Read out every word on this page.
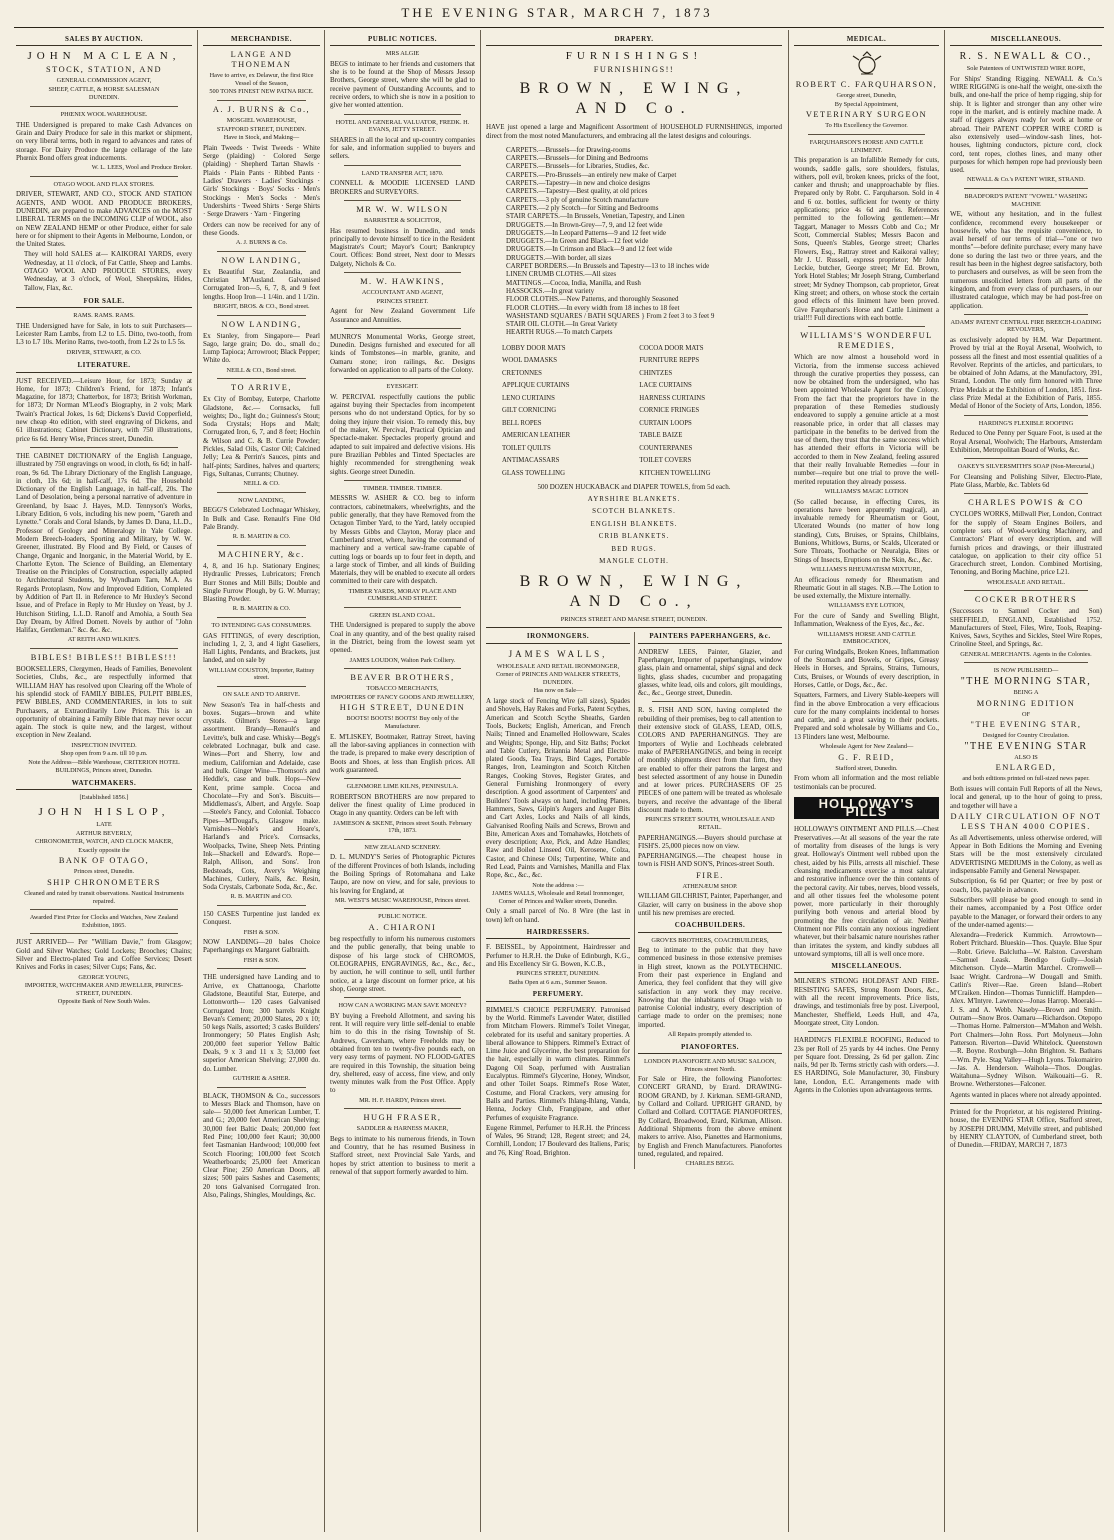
THE EVENING STAR, MARCH 7, 1873
SALES BY AUCTION.
JOHN MACLEAN,
STOCK, STATION, AND
GENERAL COMMISSION AGENT,
SHEEP, CATTLE, & HORSE SALESMAN
DUNEDIN.
PHŒNIX WOOL WAREHOUSE.
THE Undersigned is prepared to make Cash Advances on Grain and Dairy Produce for sale in this market or shipment, on very liberal terms, both in regard to advances and rates of storage. For Dairy Produce the large cellarage of the late Phœnix Bond offers great inducements.
W. L. LEES, Wool and Produce Broker.
OTAGO WOOL AND FLAX STORES.
DRIVER, STEWART, AND CO., STOCK AND STATION AGENTS, AND WOOL AND PRODUCE BROKERS, DUNEDIN, are prepared to make ADVANCES on the MOST LIBERAL TERMS on the INCOMING CLIP of WOOL, also on NEW ZEALAND HEMP or other Produce, either for sale here or for shipment to their Agents in Melbourne, London, or the United States.
They will hold SALES at— KAIKORAI YARDS, every Wednesday, at 11 o'clock, of Fat Cattle, Sheep and Lambs. OTAGO WOOL AND PRODUCE STORES, every Wednesday, at 3 o'clock, of Wool, Sheepskins, Hides, Tallow, Flax, &c.
FOR SALE.
RAMS. RAMS. RAMS.
THE Undersigned have for Sale, in lots to suit Purchasers— Leicester Ram Lambs, from L2 to L5. Ditto, two-tooth, from L3 to L7 10s. Merino Rams, two-tooth, from L2 2s to L5 5s.
DRIVER, STEWART, & CO.
LITERATURE.
JUST RECEIVED.—Leisure Hour, for 1873; Sunday at Home, for 1873; Children's Friend, for 1873; Infant's Magazine, for 1873; Chatterbox, for 1873; British Workman, for 1873; Dr Norman M'Leod's Biography, in 2 vols; Mark Twain's Practical Jokes, 1s 6d; Dickens's David Copperfield, new cheap 4to edition, with steel engraving of Dickens, and 61 illustrations; Cabinet Dictionary, with 750 illustrations, price 6s 6d. Henry Wise, Princes street, Dunedin.
THE CABINET DICTIONARY of the English Language, illustrated by 750 engravings on wood, in cloth, 6s 6d; in half-roan, 9s 6d. The Library Dictionary of the English Language, in cloth, 13s 6d; in half-calf, 17s 6d. The Household Dictionary of the English Language, in half-calf, 20s. The Land of Desolation, being a personal narrative of adventure in Greenland, by Isaac J. Hayes, M.D. Tennyson's Works, Library Edition, 6 vols, including his new poem, "Gareth and Lynette." Corals and Coral Islands, by James D. Dana, LL.D., Professor of Geology and Mineralogy in Yale College. Modern Breech-loaders, Sporting and Military, by W. W. Greener, illustrated. By Flood and By Field, or Causes of Change, Organic and Inorganic, in the Material World, by E. Charlotte Eyton. The Science of Building, an Elementary Treatise on the Principles of Construction, especially adapted to Architectural Students, by Wyndham Tarn, M.A. As Regards Protoplasm, Now and Improved Edition, Completed by Addition of Part II. in Reference to Mr Huxley's Second Issue, and of Preface in Reply to Mr Huxley on Yeast, by J. Hutchison Stirling, L.L.D. Ranolf and Amohia, a South Sea Day Dream, by Alfred Domett. Novels by author of "John Halifax, Gentleman." &c. &c. &c.
AT REITH AND WILKIE'S.
BIBLES! BIBLES!! BIBLES!!!
BOOKSELLERS, Clergymen, Heads of Families, Benevolent Societies, Clubs, &c., are respectfully informed that WILLIAM HAY has resolved upon Clearing off the Whole of his splendid stock of FAMILY BIBLES, PULPIT BIBLES, PEW BIBLES, AND COMMENTARIES, in lots to suit Purchasers, at Extraordinarily Low Prices. This is an opportunity of obtaining a Family Bible that may never occur again. The stock is quite new, and the largest, without exception in New Zealand.
INSPECTION INVITED.
Shop open from 9 a.m. till 10 p.m.
Note the Address—Bible Warehouse, CRITERION HOTEL BUILDINGS, Princes street, Dunedin.
WATCHMAKERS.
[Established 1856.]
JOHN HISLOP,
LATE
ARTHUR BEVERLY,
CHRONOMETER, WATCH, AND CLOCK MAKER,
Exactly opposite the
BANK OF OTAGO,
Princes street, Dunedin.
SHIP CHRONOMETERS
Cleaned and rated by transit observations. Nautical Instruments repaired.
Awarded First Prize for Clocks and Watches, New Zealand Exhibition, 1865.
JUST ARRIVED— Per "William Davie," from Glasgow; Gold and Silver Watches; Gold Lockets; Brooches; Chains; Silver and Electro-plated Tea and Coffee Services; Desert Knives and Forks in cases; Silver Cups; Fans, &c.
GEORGE YOUNG,
IMPORTER, WATCHMAKER AND JEWELLER, PRINCES-STREET, DUNEDIN.
Opposite Bank of New South Wales.
MERCHANDISE.
LANGE AND THONEMAN
Have to arrive, ex Delawur, the first Rice Vessel of the Season,
500 TONS FINEST NEW PATNA RICE.
A. J. BURNS & Co.,
MOSGIEL WAREHOUSE,
STAFFORD STREET, DUNEDIN.
Have in Stock, and Making—
Plain Tweeds · Twist Tweeds · White Serge (plaiding) · Colored Serge (plaiding) · Shepherd Tartan Shawls · Plaids · Plain Pants · Ribbed Pants · Ladies' Drawers · Ladies' Stockings · Girls' Stockings · Boys' Socks · Men's Stockings · Men's Socks · Men's Undershirts · Tweed Shirts · Serge Shirts · Serge Drawers · Yarn · Fingering
Orders can now be received for any of these Goods.
A. J. BURNS & Co.
NOW LANDING,
Ex Beautiful Star, Zealandia, and Christian M'Ausland. Galvanised Corrugated Iron—5, 6, 7, 8, and 9 feet lengths. Hoop Iron—1 1/4in. and 1 1/2in.
BRIGHT, BROS. & CO., Bond street.
NOW LANDING,
Ex Stanley, from Singapore— Pearl Sago, large grain; Do. do., small do.; Lump Tapioca; Arrowroot; Black Pepper; White do.
NEILL & CO., Bond street.
TO ARRIVE,
Ex City of Bombay, Euterpe, Charlotte Gladstone, &c.— Cornsacks, full weights; Do., light do.; Guinness's Stout; Soda Crystals; Hops and Malt; Corrugated Iron, 6, 7, and 8 feet; Hochin & Wilson and C. & B. Currie Powder; Pickles, Salad Oils, Castor Oil; Calcined Jelly; Lea & Perrin's Sauces, pints and half-pints; Sardines, halves and quarters; Figs, Sultanas, Currants; Chutney.
NEILL & CO.
NOW LANDING,
BEGG'S Celebrated Lochnagar Whiskey, In Bulk and Case. Renault's Fine Old Pale Brandy.
R. B. MARTIN & CO.
MACHINERY, &c.
4, 8, and 16 h.p. Stationary Engines; Hydraulic Presses, Lubricators; French Burr Stones and Mill Bills; Double and Single Furrow Plough, by G. W. Murray; Blasting Powder.
R. B. MARTIN & CO.
TO INTENDING GAS CONSUMERS.
GAS FITTINGS, of every description, including 1, 2, 3, and 4 light Gaseliers, Hall Lights, Pendants, and Brackets, just landed, and on sale by
WILLIAM COUSTON, Importer, Rattray street.
ON SALE AND TO ARRIVE.
New Season's Tea in half-chests and boxes. Sugars—brown and white crystals. Oilmen's Stores—a large assortment. Brandy—Renault's and Levitte's, bulk and case. Whisky—Begg's celebrated Lochnagar, bulk and case. Wines—Port and Sherry, low and medium, Californian and Adelaide, case and bulk. Ginger Wine—Thomson's and Heddle's, case and bulk. Hops—New Kent, prime sample. Cocoa and Chocolate—Fry and Son's. Biscuits—Middlemass's, Albert, and Argyle. Soap—Steele's Fancy, and Colonial. Tobacco Pipes—M'Dougal's, Glasgow make. Varnishes—Noble's and Hoare's, Harland's and Price's. Cornsacks, Woolpacks, Twine, Sheep Nets. Printing Ink—Shackell and Edward's. Rope—Ralph, Allison, and Sons'. Iron Bedsteads, Cots, Avery's Weighing Machines, Cutlery, Nails, &c. Resin, Soda Crystals, Carbonate Soda, &c., &c.
R. B. MARTIN and CO.
150 CASES Turpentine just landed ex Conquest.
FISH & SON.
NOW LANDING—20 bales Choice Paperhangings ex Margaret Galbraith.
FISH & SON.
THE undersigned have Landing and to Arrive, ex Chattanooga, Charlotte Gladstone, Beautiful Star, Euterpe, and Lottonworth— 120 cases Galvanised Corrugated Iron; 300 barrels Knight Bevan's Cement; 20,000 Slates, 20 x 10; 50 kegs Nails, assorted; 3 casks Builders' Ironmongery; 50 Plates English Ash; 200,000 feet superior Yellow Baltic Deals, 9 x 3 and 11 x 3; 53,000 feet superior American Shelving; 27,000 do. do. Lumber.
GUTHRIE & ASHER.
BLACK, THOMSON & Co., successors to Messrs Black and Thomson, have on sale— 50,000 feet American Lumber, T. and G.; 20,000 feet American Shelving; 30,000 feet Baltic Deals; 200,000 feet Red Pine; 100,000 feet Kauri; 30,000 feet Tasmanian Hardwood; 100,000 feet Scotch Flooring; 100,000 feet Scotch Weatherboards; 25,000 feet American Clear Pine; 250 American Doors, all sizes; 500 pairs Sashes and Casements; 20 tons Galvanised Corrugated Iron. Also, Palings, Shingles, Mouldings, &c.
PUBLIC NOTICES.
MRS ALGIE
BEGS to intimate to her friends and customers that she is to be found at the Shop of Messrs Jessop Brothers, George street, where she will be glad to receive payment of Outstanding Accounts, and to receive orders, to which she is now in a position to give her wonted attention.
HOTEL AND GENERAL VALUATOR, FREDK. H. EVANS, JETTY STREET.
SHARES in all the local and up-country companies for sale, and information supplied to buyers and sellers.
LAND TRANSFER ACT, 1870.
CONNELL & MOODIE LICENSED LAND BROKERS and SURVEYORS.
MR W. W. WILSON
BARRISTER & SOLICITOR,
Has resumed business in Dunedin, and tends principally to devote himself to tice in the Resident Magistrate's Court; Mayor's Court; Bankruptcy Court. Offices: Bond street, Next door to Messrs Dalgety, Nichols & Co.
M. W. HAWKINS,
ACCOUNTANT AND AGENT,
PRINCES STREET.
Agent for New Zealand Government Life Assurance and Annuities.
MUNRO'S Monumental Works, George street, Dunedin. Designs furnished and executed for all kinds of Tombstones—in marble, granite, and Oamaru stone; iron railings, &c. Designs forwarded on application to all parts of the Colony.
EYESIGHT.
W. PERCIVAL respectfully cautions the public against buying their Spectacles from incompetent persons who do not understand Optics, for by so doing they injure their vision. To remedy this, buy of the maker, W. Percival, Practical Optician and Spectacle-maker. Spectacles properly ground and adapted to suit impaired and defective visions. His pure Brazilian Pebbles and Tinted Spectacles are highly recommended for strengthening weak sights. George street Dunedin.
TIMBER. TIMBER. TIMBER.
MESSRS W. ASHER & CO. beg to inform contractors, cabinetmakers, wheelwrights, and the public generally, that they have Removed from the Octagon Timber Yard, to the Yard, lately occupied by Messrs Gibbs and Clayton, Moray place and Cumberland street, where, having the command of machinery and a vertical saw-frame capable of cutting logs or boards up to four feet in depth, and a large stock of Timber, and all kinds of Building Materials, they will be enabled to execute all orders committed to their care with despatch.
TIMBER YARDS, MORAY PLACE AND CUMBERLAND STREET.
GREEN ISLAND COAL.
THE Undersigned is prepared to supply the above Coal in any quantity, and of the best quality raised in the District, being from the lowest seam yet opened.
JAMES LOUDON, Walton Park Colliery.
BEAVER BROTHERS,
TOBACCO MERCHANTS,
IMPORTERS OF FANCY GOODS AND JEWELLERY,
HIGH STREET, DUNEDIN
BOOTS! BOOTS! BOOTS! Buy only of the Manufacturer.
E. M'LISKEY, Bootmaker, Rattray Street, having all the labor-saving appliances in connection with the trade, is prepared to make every description of Boots and Shoes, at less than English prices. All work guaranteed.
GLENMORE LIME KILNS, PENINSULA.
ROBERTSON BROTHERS are now prepared to deliver the finest quality of Lime produced in Otago in any quantity. Orders can be left with
JAMIESON & SKENE, Princes street South. February 17th, 1873.
NEW ZEALAND SCENERY.
D. L. MUNDY'S Series of Photographic Pictures of the different Provinces of both Islands, including the Boiling Springs of Rotomahana and Lake Taupo, are now on view, and for sale, previous to his leaving for England, at
MR. WEST'S MUSIC WAREHOUSE, Princes street.
PUBLIC NOTICE.
A. CHIARONI
beg respectfully to inform his numerous customers and the public generally, that being unable to dispose of his large stock of CHROMOS, OLEOGRAPHS, ENGRAVINGS, &c., &c., &c., by auction, he will continue to sell, until further notice, at a large discount on former price, at his shop, George street.
HOW CAN A WORKING MAN SAVE MONEY?
BY buying a Freehold Allotment, and saving his rent. It will require very little self-denial to enable him to do this in the rising Township of St. Andrews, Caversham, where Freeholds may be obtained from ten to twenty-five pounds each, on very easy terms of payment. NO FLOOD-GATES are required in this Township, the situation being dry, sheltered, easy of access, fine view, and only twenty minutes walk from the Post Office. Apply to
MR. H. F. HARDY, Princes street.
HUGH FRASER,
SADDLER & HARNESS MAKER,
Begs to intimate to his numerous friends, in Town and Country, that he has resumed Business in Stafford street, next Provincial Sale Yards, and hopes by strict attention to business to merit a renewal of that support formerly awarded to him.
DRAPERY.
FURNISHINGS!
FURNISHINGS!!
BROWN, EWING, AND Co.
HAVE just opened a large and Magnificent Assortment of HOUSEHOLD FURNISHINGS, imported direct from the most noted Manufacturers, and embracing all the latest designs and colourings.
CARPETS.—Brussels—for Drawing-rooms
CARPETS.—Brussels—for Dining and Bedrooms
CARPETS.—Brussels—for Libraries, Studies, &c.
CARPETS.—Pro-Brussels—an entirely new make of Carpet
CARPETS.—Tapestry—in new and choice designs
CARPETS.—Tapestry—Best quality, at old prices
CARPETS.—3 ply of genuine Scotch manufacture
CARPETS.—2 ply Scotch—for Sitting and Bedrooms
STAIR CARPETS.—In Brussels, Venetian, Tapestry, and Linen
DRUGGETS.—In Brown-Grey—7, 9, and 12 feet wide
DRUGGETS.—In Leopard Patterns—9 and 12 feet wide
DRUGGETS.—In Green and Black—12 feet wide
DRUGGETS.—In Crimson and Black—9 and 12 feet wide
DRUGGETS.—With border, all sizes
CARPET BORDERS.—In Brussels and Tapestry—13 to 18 inches wide
LINEN CRUMB CLOTHS.—All sizes
MATTINGS.—Cocoa, India, Manilla, and Rush
HASSOCKS.—In great variety
FLOOR CLOTHS.—New Patterns, and thoroughly Seasoned
FLOOR CLOTHS.—In every width from 18 inches to 18 feet
WASHSTAND SQUARES / BATH SQUARES } From 2 feet 3 to 3 feet 9
STAIR OIL CLOTH.—In Great Variety
HEARTH RUGS.—To match Carpets
LOBBY DOOR MATS	COCOA DOOR MATS
WOOL DAMASKS	FURNITURE REPPS
CRETONNES	CHINTZES
APPLIQUE CURTAINS	LACE CURTAINS
LENO CURTAINS	HARNESS CURTAINS
GILT CORNICING	CORNICE FRINGES
BELL ROPES	CURTAIN LOOPS
AMERICAN LEATHER	TABLE BAIZE
TOILET QUILTS	COUNTERPANES
ANTIMACASSARS	TOILET COVERS
GLASS TOWELLING	KITCHEN TOWELLING
500 DOZEN HUCKABACK and DIAPER TOWELS, from 5d each.
AYRSHIRE BLANKETS.
SCOTCH BLANKETS.
ENGLISH BLANKETS.
CRIB BLANKETS.
BED RUGS.
MANGLE CLOTH.
BROWN, EWING, AND Co.,
PRINCES STREET AND MANSE STREET, DUNEDIN.
IRONMONGERS.
JAMES WALLS,
WHOLESALE AND RETAIL IRONMONGER,
Corner of PRINCES AND WALKER STREETS, DUNEDIN.
Has now on Sale—
A large stock of Fencing Wire (all sizes), Spades and Shovels, Hay Rakes and Forks, Patent Scythes, American and Scotch Scythe Sheaths, Garden Tools, Buckets; English, American, and French Nails; Tinned and Enamelled Hollowware, Scales and Weights; Sponge, Hip, and Sitz Baths; Pocket and Table Cutlery, Britannia Metal and Electro-plated Goods, Tea Trays, Bird Cages, Portable Ranges, Iron, Leamington and Scotch Kitchen Ranges, Cooking Stoves, Register Grates, and General Furnishing Ironmongery of every description. A good assortment of Carpenters' and Builders' Tools always on hand, including Planes, Hammers, Saws, Gilpin's Augers and Auger Bits and Cart Axles, Locks and Nails of all kinds, Galvanised Roofing Nails and Screws, Brown and Bite, American Axes and Tomahawks, Hotchets of every description; Axe, Pick, and Adze Handles; Raw and Boiled Linseed Oil, Kerosene, Colza, Castor, and Chinese Oils; Turpentine, White and Red Lead, Paints and Varnishes, Manilla and Flax Rope, &c., &c., &c.
Note the address :—
JAMES WALLS, Wholesale and Retail Ironmonger, Corner of Princes and Walker streets, Dunedin.
Only a small parcel of No. 8 Wire (the last in town) left on hand.
HAIRDRESSERS.
F. BEISSEL, by Appointment, Hairdresser and Perfumer to H.R.H. the Duke of Edinburgh, K.G., and His Excellency Sir G. Bowen, K.C.B.,
PRINCES STREET, DUNEDIN.
Baths Open at 6 a.m., Summer Season.
PERFUMERY.
RIMMEL'S CHOICE PERFUMERY. Patronised by the World. Rimmel's Lavender Water, distilled from Mitcham Flowers. Rimmel's Toilet Vinegar, celebrated for its useful and sanitary properties. A liberal allowance to Shippers. Rimmel's Extract of Lime Juice and Glycerine, the best preparation for the hair, especially in warm climates. Rimmel's Dagong Oil Soap, perfumed with Australian Eucalyptus. Rimmel's Glycerine, Honey, Windsor, and other Toilet Soaps. Rimmel's Rose Water, Costume, and Floral Crackers, very amusing for Balls and Parties. Rimmel's Ihlang-Ihlang, Vanda, Henna, Jockey Club, Frangipane, and other Perfumes of exquisite Fragrance.
Eugene Rimmel, Perfumer to H.R.H. the Princess of Wales, 96 Strand; 128, Regent street; and 24, Cornhill, London; 17 Boulevard des Italiens, Paris; and 76, King' Road, Brighton.
PAINTERS PAPERHANGERS, &c.
ANDREW LEES, Painter, Glazier, and Paperhanger, Importer of paperhangings, window glass, plain and ornamental, ships' signal and deck lights, glass shades, cucumber and propagating glasses, white lead, oils and colors, gilt mouldings, &c., &c., George street, Dunedin.
R. S. FISH AND SON, having completed the rebuilding of their premises, beg to call attention to their extensive stock of GLASS, LEAD, OILS, COLORS AND PAPERHANGINGS. They are Importers of Wylie and Lochheads celebrated make of PAPERHANGINGS, and being in receipt of monthly shipments direct from that firm, they are enabled to offer their patrons the largest and best selected assortment of any house in Dunedin and at lower prices. PURCHASERS OF 25 PIECES of one pattern will be treated as wholesale buyers, and receive the advantage of the liberal discount made to them.
PRINCES STREET SOUTH, WHOLESALE AND RETAIL.
PAPERHANGINGS.—Buyers should purchase at FISH'S. 25,000 pieces now on view.
PAPERHANGINGS.—The cheapest house in town is FISH AND SON'S, Princes-street South.
FIRE.
ATHENÆUM SHOP.
WILLIAM GILCHRIST, Painter, Paperhanger, and Glazier, will carry on business in the above shop until his new premises are erected.
COACHBUILDERS.
GROVES BROTHERS, COACHBUILDERS,
Beg to intimate to the public that they have commenced business in those extensive premises in High street, known as the POLYTECHNIC. From their past experience in England and America, they feel confident that they will give satisfaction in any work they may receive. Knowing that the inhabitants of Otago wish to patronise Colonial industry, every description of carriage made to order on the premises; none imported.
All Repairs promptly attended to.
PIANOFORTES.
LONDON PIANOFORTE AND MUSIC SALOON, Princes street North.
For Sale or Hire, the following Pianofortes: CONCERT GRAND, by Erard. DRAWING-ROOM GRAND, by J. Kirkman. SEMI-GRAND, by Collard and Collard. UPRIGHT GRAND, by Collard and Collard. COTTAGE PIANOFORTES, By Collard, Broadwood, Erard, Kirkman, Allison. Additional Shipments from the above eminent makers to arrive. Also, Pianettes and Harmoniums, by English and French Manufacturers. Pianofortes tuned, regulated, and repaired.
CHARLES BEGG.
MEDICAL.
ROBERT C. FARQUHARSON,
George street, Dunedin,
By Special Appointment,
VETERINARY SURGEON
To His Excellency the Governor.
FARQUHARSON'S HORSE AND CATTLE LINIMENT.
This preparation is an Infallible Remedy for cuts, wounds, saddle galls, sore shoulders, fistulas, withers, poll evil, broken knees, pricks of the foot, canker and thrush; and unapproachable by flies. Prepared only by Robt. C. Farquharson. Sold in 4 and 6 oz. bottles, sufficient for twenty or thirty applications; price 4s 6d and 6s. References permitted to the following gentlemen:—Mr Taggart, Manager to Messrs Cobb and Co.; Mr Scott, Commercial Stables; Messrs Bacon and Sons, Queen's Stables, George street; Charles Flowers, Esq., Rattray street and Kaikorai valley; Mr J. U. Russell, express proprietor; Mr John Leckie, butcher, George street; Mr Ed. Brown, York Hotel Stables; Mr Joseph Strang, Cumberland street; Mr Sydney Thompson, cab proprietor, Great King street; and others, on whose stock the certain good effects of this liniment have been proved. Give Farquharson's Horse and Cattle Liniment a trial!!! Full directions with each bottle.
WILLIAMS'S WONDERFUL REMEDIES,
Which are now almost a household word in Victoria, from the immense success achieved through the curative properties they possess, can now be obtained from the undersigned, who has been appointed Wholesale Agent for the Colony. From the fact that the proprietors have in the preparation of these Remedies studiously endeavored to supply a genuine article at a most reasonable price, in order that all classes may participate in the benefits to be derived from the use of them, they trust that the same success which has attended their efforts in Victoria will be accorded to them in New Zealand, feeling assured that their really Invaluable Remedies —four in number—require but one trial to prove the well-merited reputation they already possess.
WILLIAMS'S MAGIC LOTION
(So called because, in effecting Cures, its operations have been apparently magical), an invaluable remedy for Rheumatism or Gout, Ulcerated Wounds (no matter of how long standing), Cuts, Bruises, or Sprains, Chilblains, Bunions, Whitlows, Burns, or Scalds, Ulcerated or Sore Throats, Toothache or Neuralgia, Bites or Stings of Insects, Eruptions on the Skin, &c., &c.
WILLIAMS'S RHEUMATISM MIXTURE,
An efficacious remedy for Rheumatism and Rheumatic Gout in all stages. N.B.—The Lotion to be used externally, the Mixture internally.
WILLIAMS'S EYE LOTION,
For the cure of Sandy and Swelling Blight, Inflammation, Weakness of the Eyes, &c., &c.
WILLIAMS'S HORSE AND CATTLE EMBROCATION,
For curing Windgalls, Broken Knees, Inflammation of the Stomach and Bowels, or Gripes, Greasy Heels in Horses, and Sprains, Strains, Tumours, Cuts, Bruises, or Wounds of every description, in Horses, Cattle, or Dogs, &c., &c.
Squatters, Farmers, and Livery Stable-keepers will find in the above Embrocation a very efficacious cure for the many complaints incidental to horses and cattle, and a great saving to their pockets. Prepared and sold wholesale by Williams and Co., 13 Flinders lane west, Melbourne.
Wholesale Agent for New Zealand—
G. F. REID,
Stafford street, Dunedin.
From whom all information and the most reliable testimonials can be procured.
HOLLOWAY'S PILLS
HOLLOWAY'S OINTMENT AND PILLS.—Chest Preservatives.—At all seasons of the year the rate of mortality from diseases of the lungs is very great. Holloway's Ointment well rubbed upon the chest, aided by his Pills, arrests all mischief. These cleansing medicaments exercise a most salutary and restorative influence over the thin contents of the pectoral cavity. Air tubes, nerves, blood vessels, and all other tissues feel the wholesome potent power, more particularly in their thoroughly purifying both venous and arterial blood by promoting the free circulation of air. Neither Ointment nor Pills contain any noxious ingredient whatever, but their balsamic nature nourishes rather than irritates the system, and kindly subdues all untoward symptoms, till all is well once more.
MISCELLANEOUS.
MILNER'S STRONG HOLDFAST AND FIRE-RESISTING SAFES, Strong Room Doors, &c., with all the recent improvements. Price lists, drawings, and testimonials free by post. Liverpool, Manchester, Sheffield, Leeds Hull, and 47a, Moorgate street, City London.
HARDING'S FLEXIBLE ROOFING, Reduced to 23s per Roll of 25 yards by 44 inches. One Penny per Square foot. Dressing, 2s 6d per gallon. Zinc nails, 9d per lb. Terms strictly cash with orders.—J. ES HARDING, Sole Manufacturer, 30, Finsbury lane, London, E.C. Arrangements made with Agents in the Colonies upon advantageous terms.
MISCELLANEOUS.
R. S. NEWALL & CO.,
Sole Patentees of UNTWISTED WIRE ROPE,
For Ships' Standing Rigging. NEWALL & Co.'s WIRE RIGGING is one-half the weight, one-sixth the bulk, and one-half the price of hemp rigging, ship for ship. It is lighter and stronger than any other wire rope in the market, and is entirely machine made. A staff of riggers always ready for work at home or abroad. Their PATENT COPPER WIRE CORD is also extensively used—window-sash lines, hot-houses, lightning conductors, picture cord, clock cord, tent ropes, clothes lines, and many other purposes for which hempen rope had previously been used.
NEWALL & Co.'s PATENT WIRE, STRAND.
BRADFORD'S PATENT "VOWEL" WASHING MACHINE
WE, without any hesitation, and in the fullest confidence, recommend every housekeeper or housewife, who has the requisite convenience, to avail herself of our terms of trial—"one or two months"—before definite purchase; every many have done so during the last two or three years, and the result has been in the highest degree satisfactory, both to purchasers and ourselves, as will be seen from the numerous unsolicited letters from all parts of the kingdom, and from every class of purchasers, in our illustrated catalogue, which may be had post-free on application.
ADAMS' PATENT CENTRAL FIRE BREECH-LOADING REVOLVERS,
as exclusively adopted by H.M. War Department. Proved by trial at the Royal Arsenal, Woolwich, to possess all the finest and most essential qualities of a Revolver. Reprints of the articles, and particulars, to be obtained of John Adams, at the Manufactory, 391, Strand, London. The only firm honored with Three Prize Medals at the Exhibition of London, 1851. first-class Prize Medal at the Exhibition of Paris, 1855. Medal of Honor of the Society of Arts, London, 1856.
HARDING'S FLEXIBLE ROOFING
Reduced to One Penny per Square Foot, is used at the Royal Arsenal, Woolwich; The Harbours, Amsterdam Exhibition, Metropolitan Board of Works, &c.
OAKEY'S SILVERSMITH'S SOAP (Non-Mercurial,)
For Cleansing and Polishing Silver, Electro-Plate, Plate Glass, Marble, &c. Tablets 6d
CHARLES POWIS & CO
CYCLOPS WORKS, Millwall Pier, London, Contract for the supply of Steam Engines Boilers, and complete sets of Wood-working Machinery, and Contractors' Plant of every description, and will furnish prices and drawings, or their illustrated catalogue, on application to their city office 51 Gracechurch street, London. Combined Mortising, Tenoning, and Boring Machine, price L21.
WHOLESALE AND RETAIL.
COCKER BROTHERS
(Successors to Samuel Cocker and Son) SHEFFIELD, ENGLAND, Established 1752. Manufacturers of Steel, Files, Wire, Tools, Reaping-Knives, Saws, Scythes and Sickles, Steel Wire Ropes, Crinoline Steel, and Springs, &c.
GENERAL MERCHANTS. Agents in the Colonies.
IS NOW PUBLISHED—
"THE MORNING STAR,
BEING A
MORNING EDITION
OF
"THE EVENING STAR,
Designed for Country Circulation.
"THE EVENING STAR
ALSO IS
ENLARGED,
and both editions printed on full-sized news paper.
Both issues will contain Full Reports of all the News, local and general, up to the hour of going to press, and together will have a
DAILY CIRCULATION OF NOT LESS THAN 4000 COPIES.
As all Advertisements, unless otherwise ordered, will Appear in Both Editions the Morning and Evening Stars will be the most extensively circulated ADVERTISING MEDIUMS in the Colony, as well as indispensable Family and General Newspaper.
Subscription, 6s 6d per Quarter; or free by post or coach, 10s, payable in advance.
Subscribers will please be good enough to send in their names, accompanied by a Post Office order payable to the Manager, or forward their orders to any of the under-named agents:—
Alexandra—Frederick Kummich. Arrowtown—Robert Pritchard. Blueskin—Thos. Quayle. Blue Spur—Robt. Grieve. Balclutha—W. Ralston. Caversham—Samuel Leask. Bendigo Gully—Josiah Mitchenson. Clyde—Martin Marchel. Cromwell—Isaac Wright. Cardrona—W Dougall and Smith. Catlin's River—Rae. Green Island—Robert M'Craiken. Hindon—Thomas Tunnicliff. Hampden—Alex. M'Intyre. Lawrence—Jonas Harrop. Moeraki—J. S. and A. Webb. Naseby—Brown and Smith. Outram—Snow Bros. Oamaru—Richardson. Otepopo—Thomas Horne. Palmerston—M'Mahon and Welsh. Port Chalmers—John Ross. Port Molyneux—John Patterson. Riverton—David Whitelock. Queenstown—R. Boyne. Roxburgh—John Brighton. St. Bathans—Wm. Pyle. Stag Valley—Hugh Lyons. Tokomairiro—Jas. A. Henderson. Waihola—Thos. Douglas. Waitahuna—Sydney Wilson. Waikouaiti—G. R. Browne. Wetherstones—Falconer.
Agents wanted in places where not already appointed.
Printed for the Proprietor, at his registered Printing-house, the EVENING STAR Office, Stafford street, by JOSEPH DRUMM, Melville street, and published by HENRY CLAYTON, of Cumberland street, both of Dunedin.—FRIDAY, MARCH 7, 1873
